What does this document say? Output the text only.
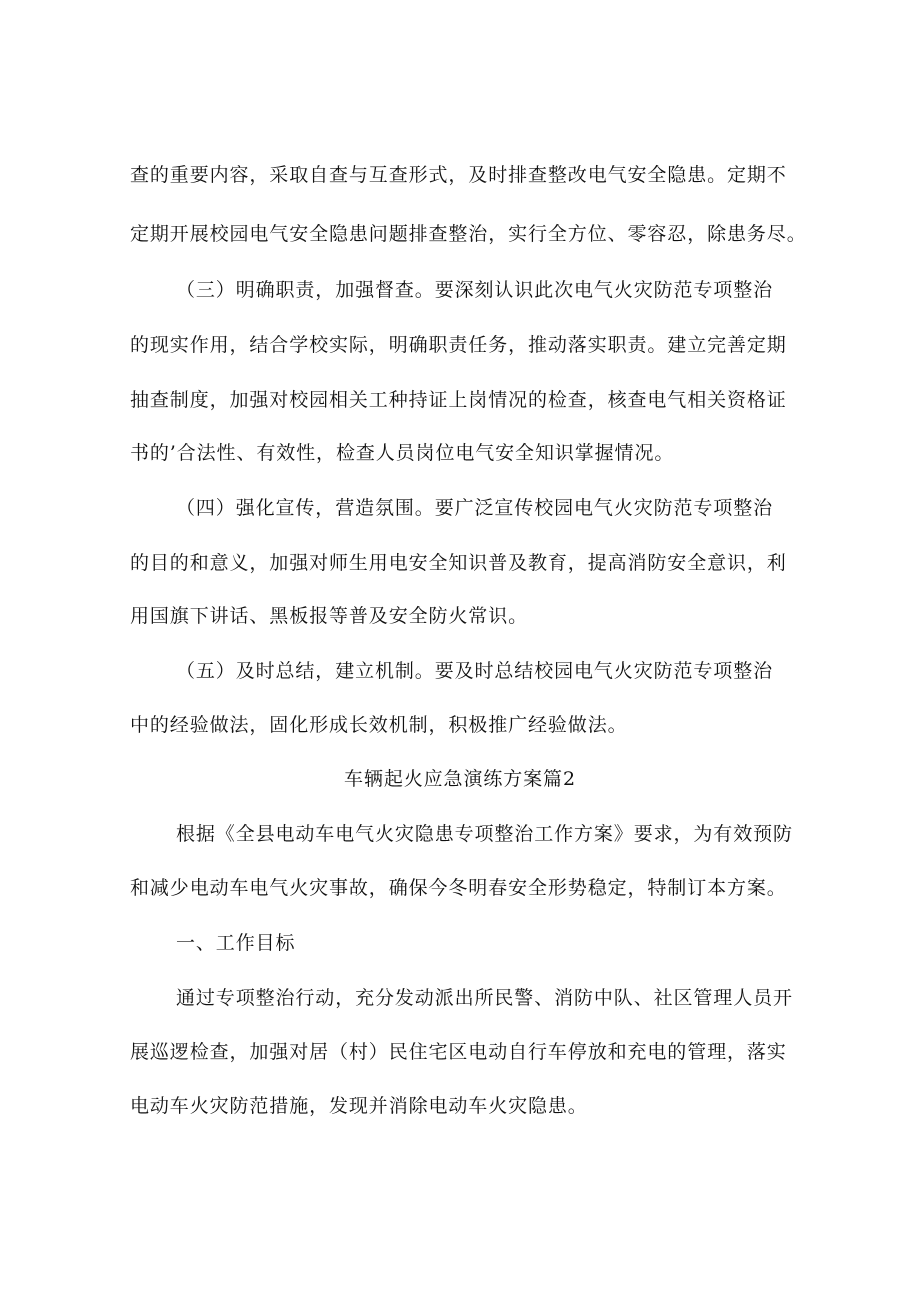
查的重要内容，采取自查与互查形式，及时排查整改电气安全隐患。定期不
定期开展校园电气安全隐患问题排查整治，实行全方位、零容忍，除患务尽。
（三）明确职责，加强督查。要深刻认识此次电气火灾防范专项整治
的现实作用，结合学校实际，明确职责任务，推动落实职责。建立完善定期
抽查制度，加强对校园相关工种持证上岗情况的检查，核查电气相关资格证
书的’合法性、有效性，检查人员岗位电气安全知识掌握情况。
（四）强化宣传，营造氛围。要广泛宣传校园电气火灾防范专项整治
的目的和意义，加强对师生用电安全知识普及教育，提高消防安全意识，利
用国旗下讲话、黑板报等普及安全防火常识。
（五）及时总结，建立机制。要及时总结校园电气火灾防范专项整治
中的经验做法，固化形成长效机制，积极推广经验做法。
车辆起火应急演练方案篇2
根据《全县电动车电气火灾隐患专项整治工作方案》要求，为有效预防
和减少电动车电气火灾事故，确保今冬明春安全形势稳定，特制订本方案。
一、工作目标
通过专项整治行动，充分发动派出所民警、消防中队、社区管理人员开
展巡逻检查，加强对居（村）民住宅区电动自行车停放和充电的管理，落实
电动车火灾防范措施，发现并消除电动车火灾隐患。
